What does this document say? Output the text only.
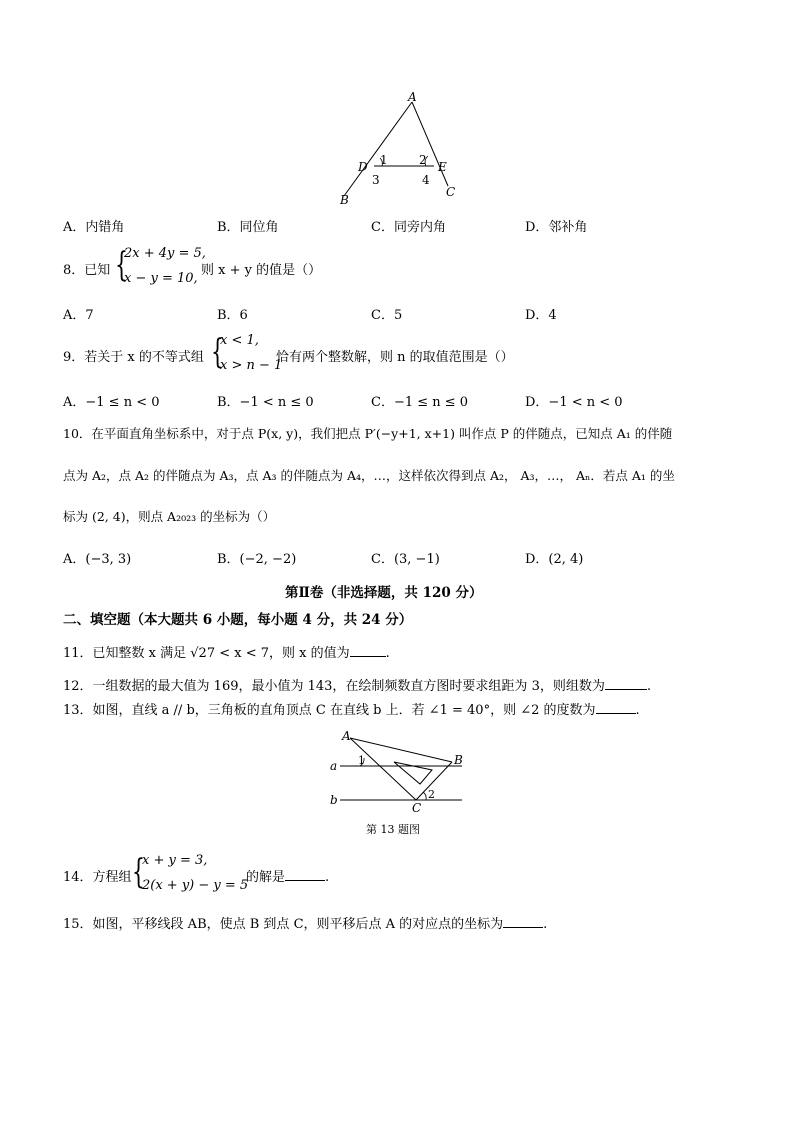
A
D 1	2 E
3	4
B
C
A．内错角	B．同位角	C．同旁内角	D．邻补角
8．已知 {
2x + 4y = 5,
x − y = 10,
则 x + y 的值是（）
A．7	B．6	C．5	D．4
9．若关于 x 的不等式组 {
x < 1,
x > n − 1
恰有两个整数解，则 n 的取值范围是（）
A．−1 ≤ n < 0	B．−1 < n ≤ 0	C．−1 ≤ n ≤ 0	D．−1 < n < 0
10．在平面直角坐标系中，对于点 P(x, y)，我们把点 P′(−y+1, x+1) 叫作点 P 的伴随点，已知点 A₁ 的伴随
点为 A₂，点 A₂ 的伴随点为 A₃，点 A₃ 的伴随点为 A₄，…，这样依次得到点 A₂， A₃，…， Aₙ．若点 A₁ 的坐
标为 (2, 4)，则点 A₂₀₂₃ 的坐标为（）
A．(−3, 3)	B．(−2, −2)	C．(3, −1)	D．(2, 4)
第Ⅱ卷（非选择题，共 120 分）
二、填空题（本大题共 6 小题，每小题 4 分，共 24 分）
11．已知整数 x 满足 √27 < x < 7，则 x 的值为	.
12．一组数据的最大值为 169，最小值为 143，在绘制频数直方图时要求组距为 3，则组数为	.
13．如图，直线 a // b，三角板的直角顶点 C 在直线 b 上．若 ∠1 = 40°，则 ∠2 的度数为	.
A
a 1	B
b	2
C
第 13 题图
14．方程组 {
x + y = 3,
2(x + y) − y = 5
的解是	.
15．如图，平移线段 AB，使点 B 到点 C，则平移后点 A 的对应点的坐标为	.
